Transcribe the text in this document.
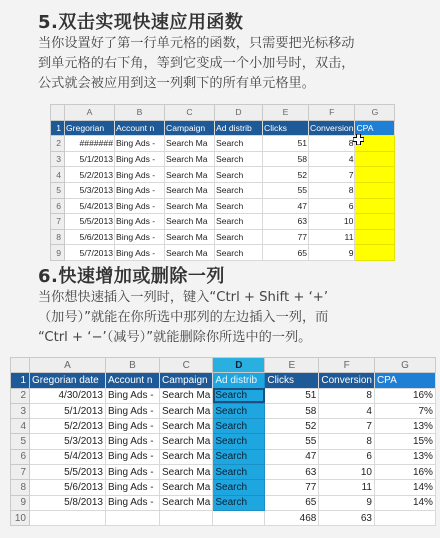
5.双击实现快速应用函数
当你设置好了第一行单元格的函数，只需要把光标移动
到单元格的右下角，等到它变成一个小加号时，双击，
公式就会被应用到这一列剩下的所有单元格里。
	A	B	C	D	E	F	G
1	Gregorian	Account n	Campaign	Ad distrib	Clicks	Conversion	CPA
2	#######	Bing Ads -	Search Ma	Search	51	8	
3	5/1/2013	Bing Ads -	Search Ma	Search	58	4	
4	5/2/2013	Bing Ads -	Search Ma	Search	52	7	
5	5/3/2013	Bing Ads -	Search Ma	Search	55	8	
6	5/4/2013	Bing Ads -	Search Ma	Search	47	6	
7	5/5/2013	Bing Ads -	Search Ma	Search	63	10	
8	5/6/2013	Bing Ads -	Search Ma	Search	77	11	
9	5/7/2013	Bing Ads -	Search Ma	Search	65	9	
6.快速增加或删除一列
当你想快速插入一列时，键入“Ctrl + Shift + ‘+’
（加号）”就能在你所选中那列的左边插入一列，而
“Ctrl + ‘−’（减号）”就能删除你所选中的一列。
	A	B	C	D	E	F	G
1	Gregorian date	Account n	Campaign	Ad distrib	Clicks	Conversion	CPA
2	4/30/2013	Bing Ads -	Search Ma	Search	51	8	16%
3	5/1/2013	Bing Ads -	Search Ma	Search	58	4	7%
4	5/2/2013	Bing Ads -	Search Ma	Search	52	7	13%
5	5/3/2013	Bing Ads -	Search Ma	Search	55	8	15%
6	5/4/2013	Bing Ads -	Search Ma	Search	47	6	13%
7	5/5/2013	Bing Ads -	Search Ma	Search	63	10	16%
8	5/6/2013	Bing Ads -	Search Ma	Search	77	11	14%
9	5/8/2013	Bing Ads -	Search Ma	Search	65	9	14%
10					468	63	
